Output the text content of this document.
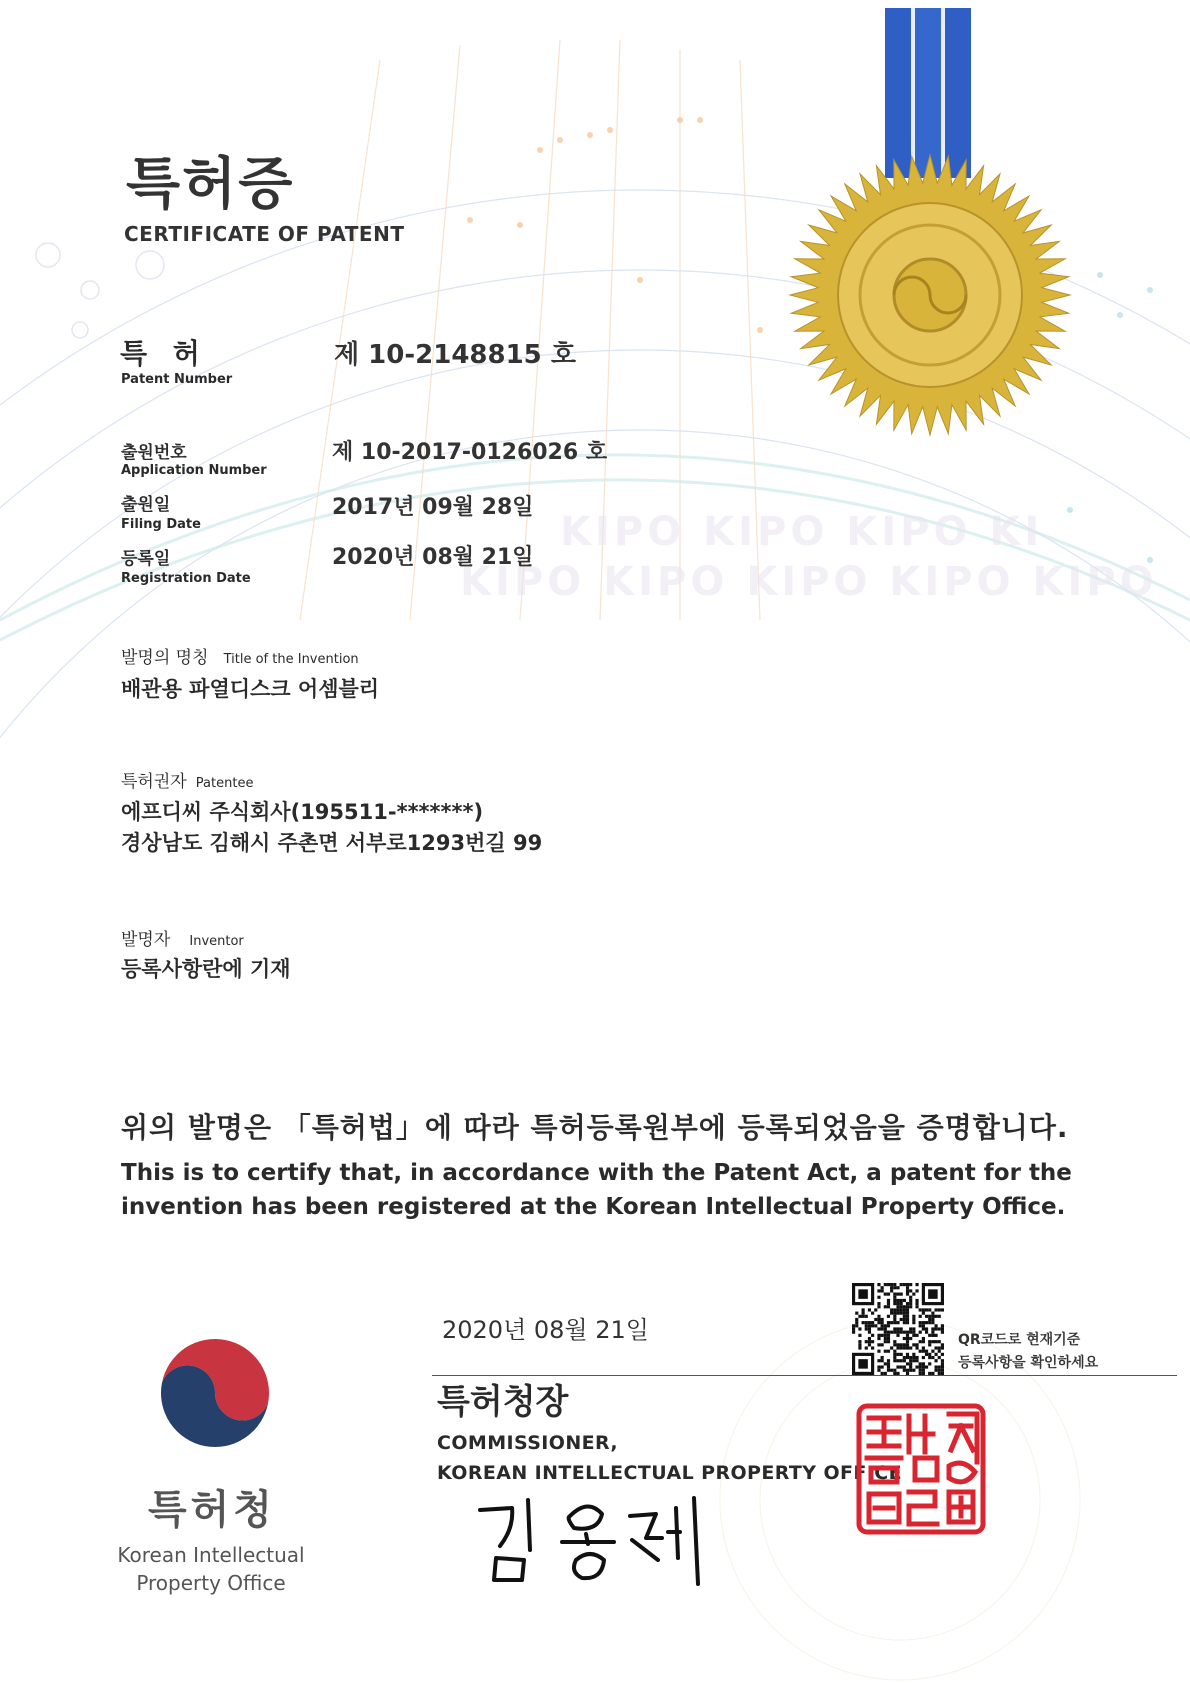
KIPO KIPO KIPO KI
KIPO KIPO KIPO KIPO KIPO
특허증
CERTIFICATE OF PATENT
특 허
Patent Number
제 10-2148815 호
출원번호
Application Number
제 10-2017-0126026 호
출원일
Filing Date
2017년 09월 28일
등록일
Registration Date
2020년 08월 21일
발명의 명칭 Title of the Invention
배관용 파열디스크 어셈블리
특허권자 Patentee
에프디씨 주식회사(195511-*******)
경상남도 김해시 주촌면 서부로1293번길 99
발명자 Inventor
등록사항란에 기재
위의 발명은 「특허법」에 따라 특허등록원부에 등록되었음을 증명합니다.
This is to certify that, in accordance with the Patent Act, a patent for the
invention has been registered at the Korean Intellectual Property Office.
2020년 08월 21일
특허청장
COMMISSIONER,
KOREAN INTELLECTUAL PROPERTY OFFICE
QR코드로 현재기준
등록사항을 확인하세요
특허청
Korean Intellectual
Property Office
